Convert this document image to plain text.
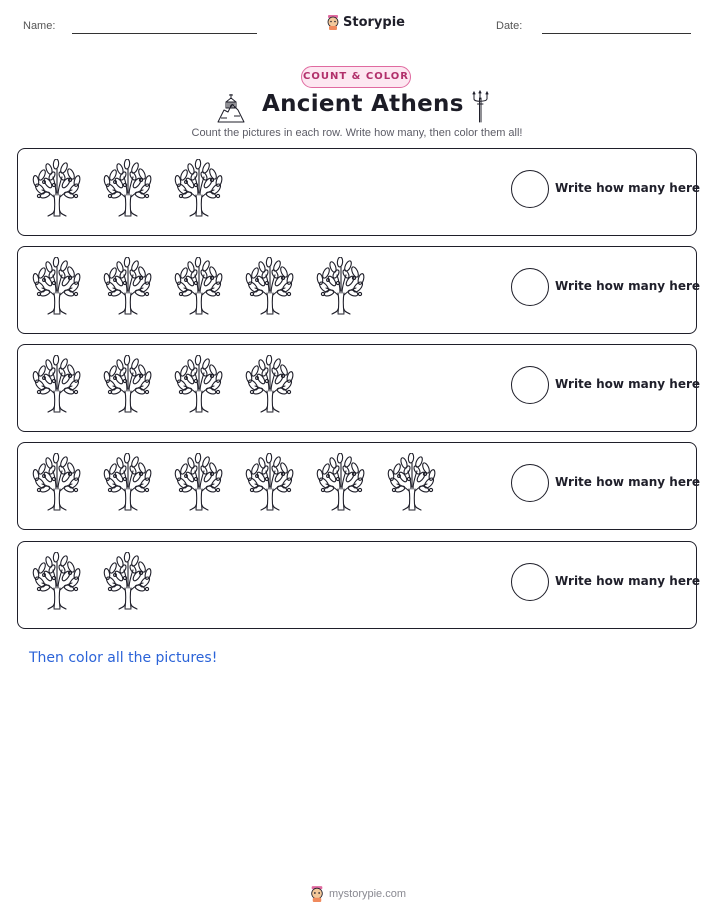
Name:	Storypie	Date:
COUNT & COLOR
Ancient Athens
Count the pictures in each row. Write how many, then color them all!
Write how many here
Write how many here
Write how many here
Write how many here
Write how many here
Then color all the pictures!
mystorypie.com
